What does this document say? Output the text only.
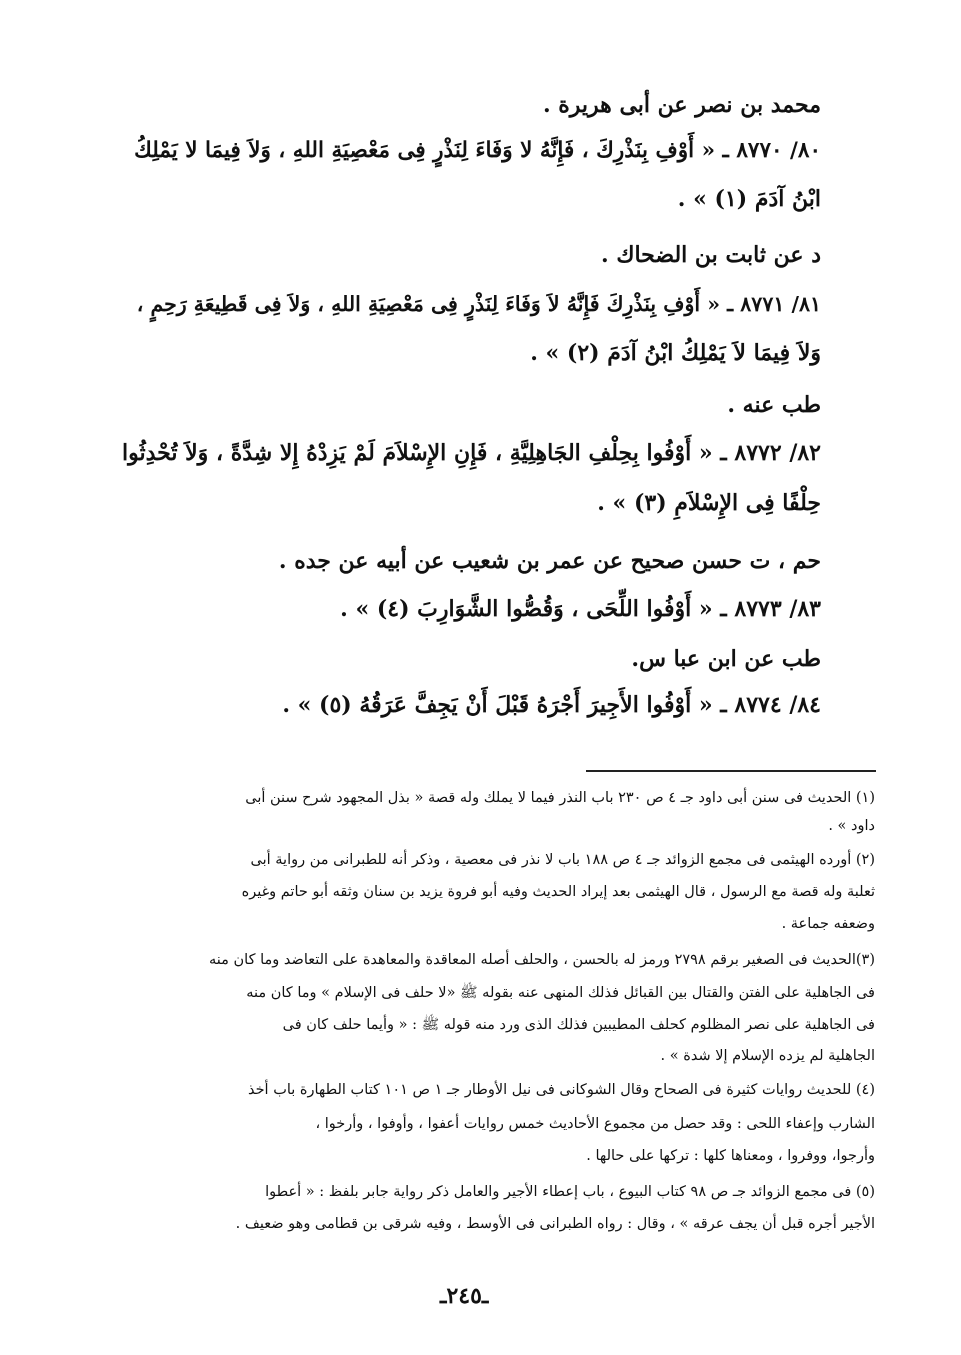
محمد بن نصر عن أبى هريرة .
٨٠/ ٨٧٧٠ ـ « أَوْفِ بِنَذْرِكَ ، فَإِنَّهُ لا وَفَاءَ لِنَذْرٍ فِى مَعْصِيَةِ اللهِ ، وَلاَ فِيمَا لا يَمْلِكُ
ابْنُ آدَمَ (١) » .
د عن ثابت بن الضحاك .
٨١/ ٨٧٧١ ـ « أَوْفِ بِنَذْرِكَ فَإِنَّهُ لاَ وَفَاءَ لِنَذْرٍ فِى مَعْصِيَةِ اللهِ ، وَلاَ فِى قَطِيعَةِ رَحِمٍ ،
وَلاَ فِيمَا لاَ يَمْلِكُ ابْنُ آدَمَ (٢) » .
طب عنه .
٨٢/ ٨٧٧٢ ـ « أَوْفُوا بِحِلْفِ الجَاهِلِيَّةِ ، فَإِنِ الإِسْلاَمَ لَمْ يَزِدْهُ إِلا شِدَّةً ، وَلاَ تُحْدِثُوا
حِلْفًا فِى الإِسْلاَمِ (٣) » .
حم ، ت حسن صحيح عن عمر بن شعيب عن أبيه عن جده .
٨٣/ ٨٧٧٣ ـ « أَوْفُوا اللِّحَى ، وَقُصُّوا الشَّوَارِبَ (٤) » .
طب عن ابن عبا س.
٨٤/ ٨٧٧٤ ـ « أَوْفُوا الأَجِيرَ أَجْرَهُ قَبْلَ أَنْ يَجِفَّ عَرَقُهُ (٥) » .
(١) الحديث فى سنن أبى داود جـ ٤ ص ٢٣٠ باب النذر فيما لا يملك وله قصة « بذل المجهود شرح سنن أبى
داود » .
(٢) أورده الهيثمى فى مجمع الزوائد جـ ٤ ص ١٨٨ باب لا نذر فى معصية ، وذكر أنه للطبرانى من رواية أبى
ثعلبة وله قصة مع الرسول ، قال الهيثمى بعد إيراد الحديث وفيه أبو فروة يزيد بن سنان وثقه أبو حاتم وغيره
وضعفه جماعة .
(٣)الحديث فى الصغير برقم ٢٧٩٨ ورمز له بالحسن ، والحلف أصله المعاقدة والمعاهدة على التعاضد وما كان منه
فى الجاهلية على الفتن والقتال بين القبائل فذلك المنهى عنه بقوله ﷺ «لا حلف فى الإسلام » وما كان منه
فى الجاهلية على نصر المظلوم كحلف المطيبين فذلك الذى ورد منه قوله ﷺ : « وأيما حلف كان فى
الجاهلية لم يزده الإسلام إلا شدة » .
(٤) للحديث روايات كثيرة فى الصحاح وقال الشوكانى فى نيل الأوطار جـ ١ ص ١٠١ كتاب الطهارة باب أخذ
الشارب وإعفاء اللحى : وقد حصل من مجموع الأحاديث خمس روايات أعفوا ، وأوفوا ، وأرخوا ،
وأرجوا، ووفروا ، ومعناها كلها : تركها على حالها .
(٥) فى مجمع الزوائد جـ ص ٩٨ كتاب البيوع ، باب إعطاء الأجير والعامل ذكر رواية جابر بلفظ : « أعطوا
الأجير أجره قبل أن يجف عرقه » ، وقال : رواه الطبرانى فى الأوسط ، وفيه شرقى بن قطامى وهو ضعيف .
ـ٢٤٥ـ
